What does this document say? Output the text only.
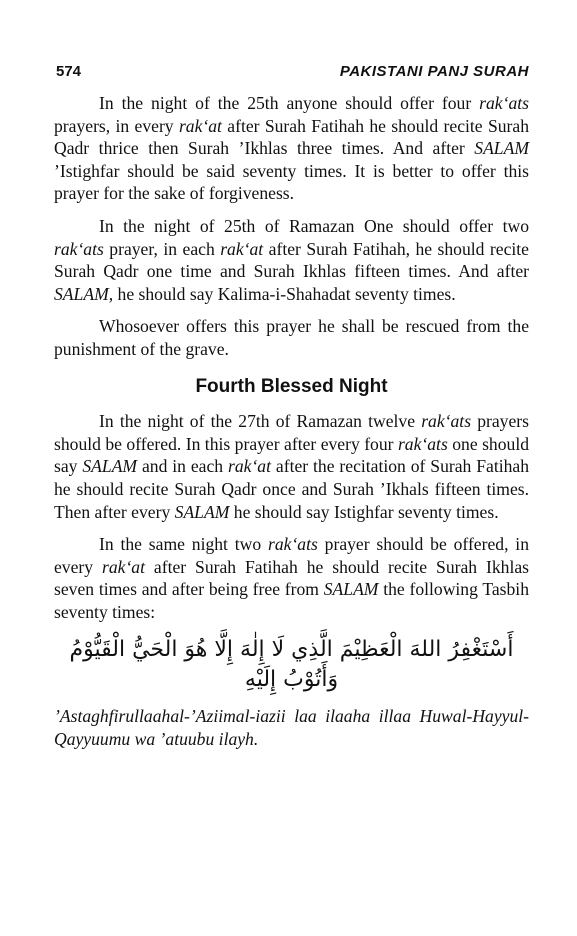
574	PAKISTANI PANJ SURAH

In the night of the 25th anyone should offer four rak‘ats prayers, in every rak‘at after Surah Fatihah he should recite Surah Qadr thrice then Surah ’Ikhlas three times. And after SALAM ’Istighfar should be said seventy times. It is better to offer this prayer for the sake of forgiveness.

In the night of 25th of Ramazan One should offer two rak‘ats prayer, in each rak‘at after Surah Fatihah, he should recite Surah Qadr one time and Surah Ikhlas fifteen times. And after SALAM, he should say Kalima-i-Shahadat seventy times.

Whosoever offers this prayer he shall be rescued from the punishment of the grave.

Fourth Blessed Night

In the night of the 27th of Ramazan twelve rak‘ats prayers should be offered. In this prayer after every four rak‘ats one should say SALAM and in each rak‘at after the recitation of Surah Fatihah he should recite Surah Qadr once and Surah ’Ikhals fifteen times. Then after every SALAM he should say Istighfar seventy times.

In the same night two rak‘ats prayer should be offered, in every rak‘at after Surah Fatihah he should recite Surah Ikhlas seven times and after being free from SALAM the following Tasbih seventy times:

أَسْتَغْفِرُ اللهَ الْعَظِيْمَ الَّذِي لَا إِلٰهَ إِلَّا هُوَ الْحَيُّ الْقَيُّوْمُ وَأَتُوْبُ إِلَيْهِ

’Astaghfirullaahal-’Aziimal-iazii laa ilaaha illaa Huwal-Hayyul-Qayyuumu wa ’atuubu ilayh.
